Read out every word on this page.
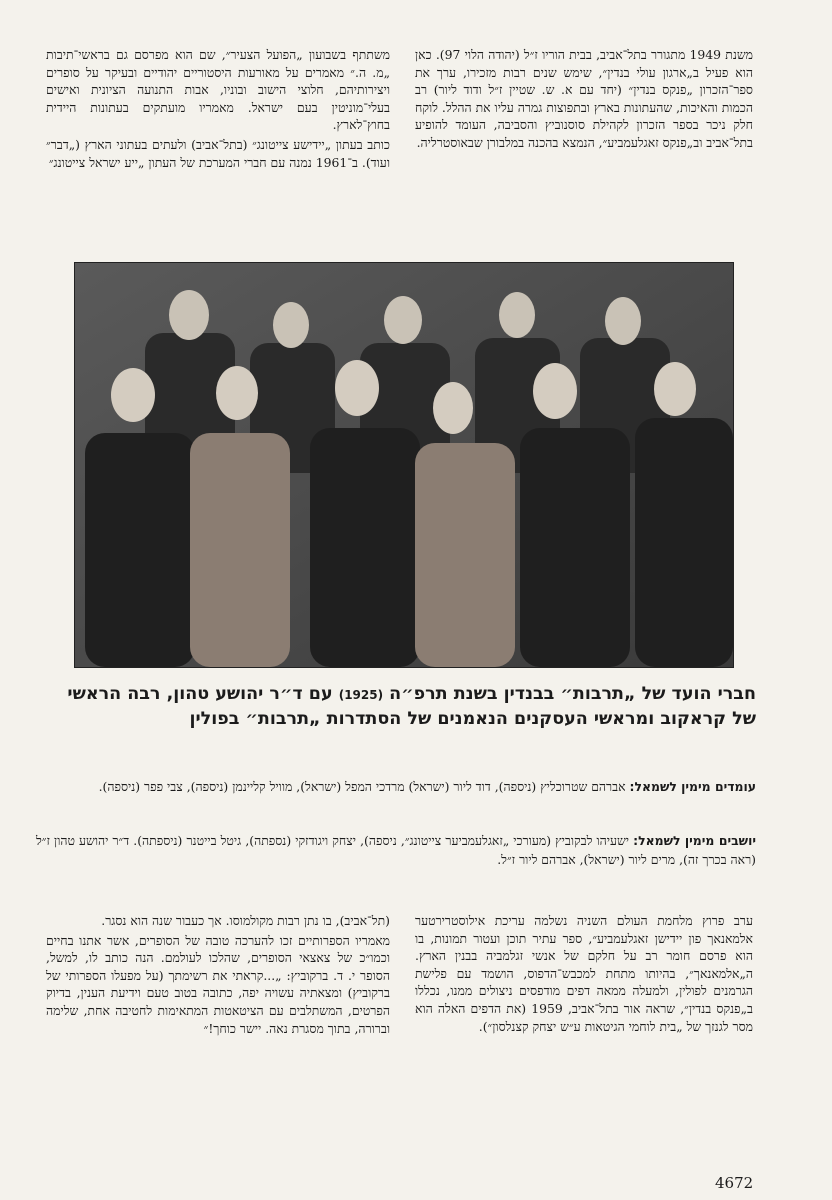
משנת 1949 מתגורר בתל־אביב, בבית הוריו ז״ל (יהודה הלוי 97). כאן הוא פעיל ב„ארגון עולי בנדין״, שימש שנים רבות מזכירו, ערך את ספר־הזכרון „פנקס בנדין״ (יחד עם א. ש. שטיין ז״ל ודוד ליור) רב הכמות והאיכות, שהעתונות בארץ ובתפוצות גמרה עליו את ההלל. לוקח חלק ניכר בספר הזכרון לקהילת סוסנוביץ והסביבה, העומד להופיע בתל־אביב וב„פנקס זאגלעמביע״, הנמצא בהכנה במלבורן שבאוסטרליה.

משתתף בשבועון „הפועל הצעיר״, שם הוא מפרסם גם בראשי־תיבות „מ. ה.״ מאמרים על מאורעות היסטוריים יהודיים ובעיקר על סופרים ויצירותיהם, חלוצי הישוב ובוניו, אבות התנועה הציונית ואישים בעלי־מוניטין בעם ישראל. מאמריו מועתקים בעתונות היידית בחוץ־לארץ.

כותב בעתון „יידישע צייטונג״ (בתל־אביב) ולעתים בעתוני הארץ („דבר״ ועוד). ב־1961 נמנה עם חברי המערכת של העתון „ייע ישראל צייטונג״

חברי הועד של „תרבות״ בבנדין בשנת תרפ״ה (1925) עם ד״ר יהושע טהון, רבה הראשי של קראקוב ומראשי העסקנים הנאמנים של הסתדרות „תרבות״ בפולין
עומדים מימין לשמאל: אברהם שטרוכליץ (ניספה), דוד ליור (ישראל) מרדכי המפל (ישראל), מוויל קליינמן (ניספה), צבי פפר (ניספה).
יושבים מימין לשמאל: ישעיהו לבקוביץ (מעורכי „זאגלעמביער צייטונג״, ניספה), יצחק ויגודזקי (נספתה), גיטל בייטנר (ניספתה). ד״ר יהושע טהון ז״ל (ראה בכרך זה), מרים ליור (ישראל), אברהם ליור ז״ל.

ערב פרוץ מלחמת העולם השניה נשלמה עריכת אילוסטרירטער אלמאנאך פון יידישן זאגלעמביע״, ספר עתיר תוכן ועטור תמונות, בו הוא פרסם חומר רב על חלקם של אנשי זגלמביה בבנין הארץ. ה„אלמאנאך״, בהיותו מתחת למכבש־הדפוס, הושמד עם פלישת הגרמנים לפולין, ולמעלה ממאה דפים מודפסים ניצולים ממנו, נכללו ב„פנקס בנדין״, שראה אור בתל־אביב, 1959 (את הדפים האלה הוא מסר לגנזך של „בית לוחמי הגיטאות ע״ש יצחק קצנלסון״).

(תל־אביב), בו נתן רבות מקולמוסו. אך כעבור שנה הוא נסגר.

מאמריו הספרותיים זכו להערכה טובה של הסופרים, אשר אתנו בחיים וכמו״כ של צאצאי הסופרים, שהלכו לעולמם. הנה כותב לו, למשל, הסופר י. ד. ברקוביץ: „...קראתי את רשימתך (על מפעלו הספרותי של ברקוביץ) ומצאתיה עשויה יפה, כתובה בטוב טעם וידיעת הענין, בדיוק הפרטים, המשתלבים עם הציטאטות המתאימות לחטיבה אחת, שלימה וברורה, בתוך מסגרת נאה. יישר כוחך!״

4672
